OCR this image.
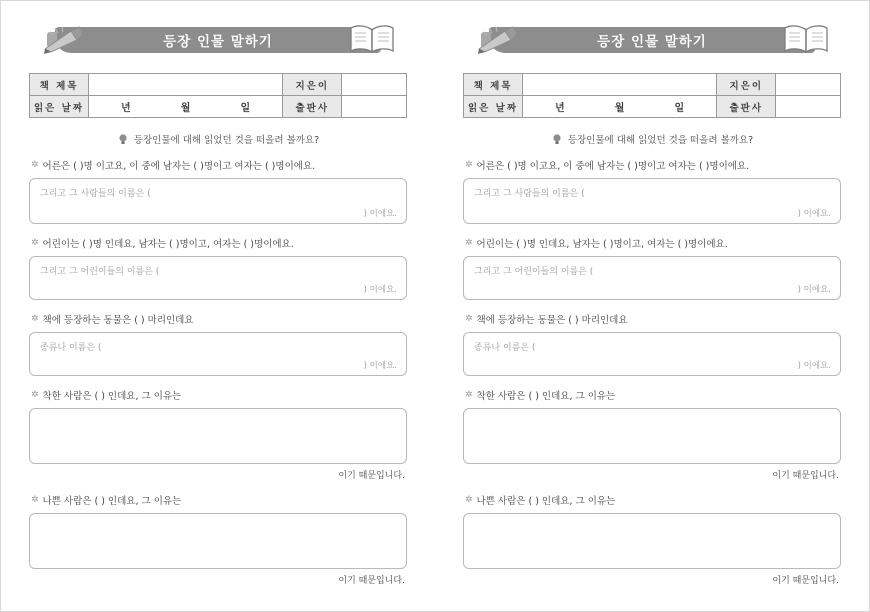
등장 인물 말하기
책 제목		지은이	
읽은 날짜	년 월 일	출판사	
등장인물에 대해 읽었던 것을 떠올려 볼까요?
✲ 어른은 ( )명 이고요, 이 중에 남자는 ( )명이고 여자는 ( )명이에요.
그리고 그 사람들의 이름은 (
) 이에요.
✲ 어린이는 ( )명 인데요, 남자는 ( )명이고, 여자는 ( )명이에요.
그리고 그 어린이들의 이름은 (
) 이에요.
✲ 책에 등장하는 동물은 ( ) 마리인데요
종류나 이름은 (
) 이에요.
✲ 착한 사람은 ( ) 인데요, 그 이유는
이기 때문입니다.
✲ 나쁜 사람은 ( ) 인데요, 그 이유는
이기 때문입니다.
등장 인물 말하기
책 제목		지은이	
읽은 날짜	년 월 일	출판사	
등장인물에 대해 읽었던 것을 떠올려 볼까요?
✲ 어른은 ( )명 이고요, 이 중에 남자는 ( )명이고 여자는 ( )명이에요.
그리고 그 사람들의 이름은 (
) 이에요.
✲ 어린이는 ( )명 인데요, 남자는 ( )명이고, 여자는 ( )명이에요.
그리고 그 어린이들의 이름은 (
) 이에요.
✲ 책에 등장하는 동물은 ( ) 마리인데요
종류나 이름은 (
) 이에요.
✲ 착한 사람은 ( ) 인데요, 그 이유는
이기 때문입니다.
✲ 나쁜 사람은 ( ) 인데요, 그 이유는
이기 때문입니다.
